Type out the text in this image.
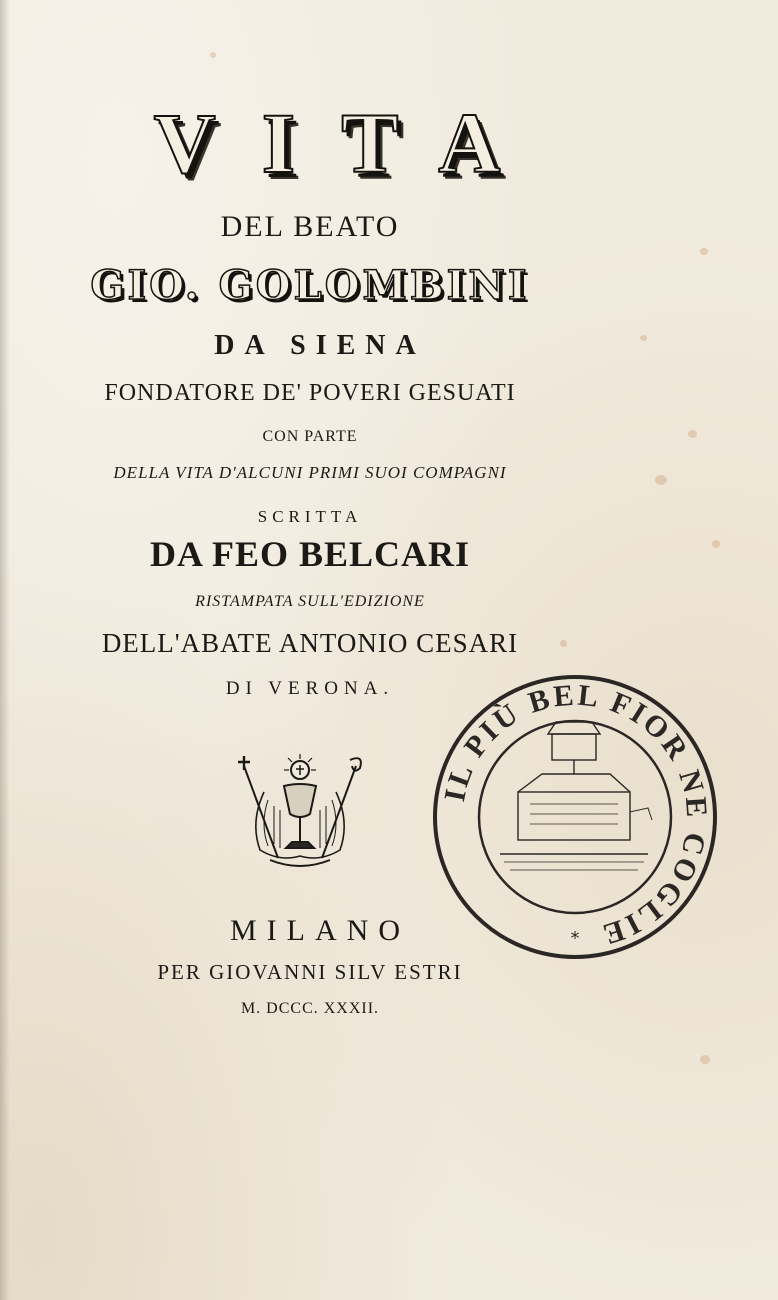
VITA
DEL BEATO
GIO. GOLOMBINI
DA SIENA
FONDATORE DE' POVERI GESUATI
CON PARTE
DELLA VITA D'ALCUNI PRIMI SUOI COMPAGNI
SCRITTA
DA FEO BELCARI
RISTAMPATA SULL'EDIZIONE
DELL'ABATE ANTONIO CESARI
DI VERONA.
IL PIÙ BEL FIOR NE COGLIE
*
MILANO
PER GIOVANNI SILV ESTRI
M. DCCC. XXXII.
